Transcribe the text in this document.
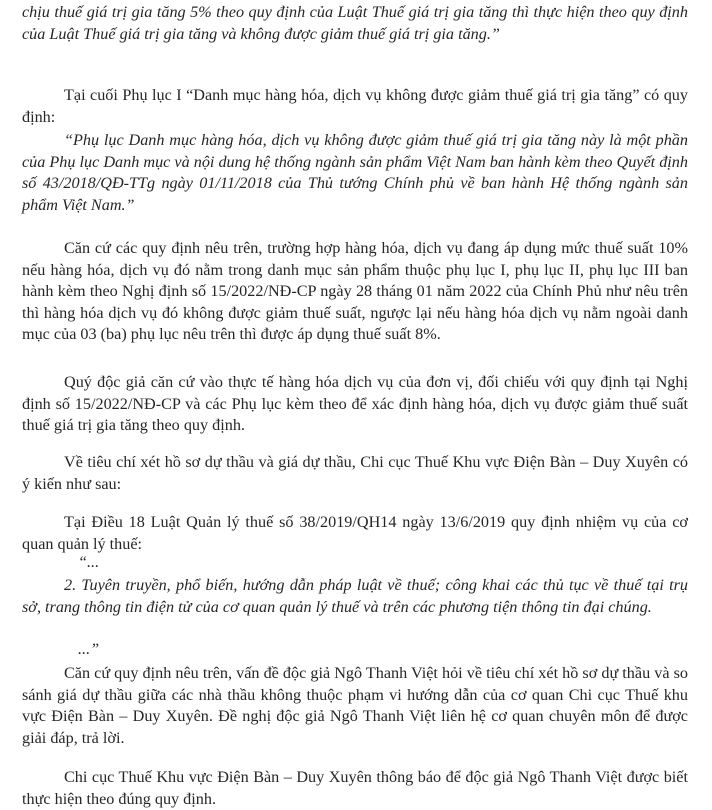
chịu thuế giá trị gia tăng 5% theo quy định của Luật Thuế giá trị gia tăng thì thực hiện theo quy định của Luật Thuế giá trị gia tăng và không được giảm thuế giá trị gia tăng.”

Tại cuối Phụ lục I “Danh mục hàng hóa, dịch vụ không được giảm thuế giá trị gia tăng” có quy định:

“Phụ lục Danh mục hàng hóa, dịch vụ không được giảm thuế giá trị gia tăng này là một phần của Phụ lục Danh mục và nội dung hệ thống ngành sản phẩm Việt Nam ban hành kèm theo Quyết định số 43/2018/QĐ-TTg ngày 01/11/2018 của Thủ tướng Chính phủ về ban hành Hệ thống ngành sản phẩm Việt Nam.”

Căn cứ các quy định nêu trên, trường hợp hàng hóa, dịch vụ đang áp dụng mức thuế suất 10% nếu hàng hóa, dịch vụ đó nằm trong danh mục sản phẩm thuộc phụ lục I, phụ lục II, phụ lục III ban hành kèm theo Nghị định số 15/2022/NĐ-CP ngày 28 tháng 01 năm 2022 của Chính Phủ như nêu trên thì hàng hóa dịch vụ đó không được giảm thuế suất, ngược lại nếu hàng hóa dịch vụ nằm ngoài danh mục của 03 (ba) phụ lục nêu trên thì được áp dụng thuế suất 8%.

Quý độc giả căn cứ vào thực tế hàng hóa dịch vụ của đơn vị, đối chiếu với quy định tại Nghị định số 15/2022/NĐ-CP và các Phụ lục kèm theo để xác định hàng hóa, dịch vụ được giảm thuế suất thuế giá trị gia tăng theo quy định.

Về tiêu chí xét hồ sơ dự thầu và giá dự thầu, Chi cục Thuế Khu vực Điện Bàn – Duy Xuyên có ý kiến như sau:

Tại Điều 18 Luật Quản lý thuế số 38/2019/QH14 ngày 13/6/2019 quy định nhiệm vụ của cơ quan quản lý thuế:

“...

2. Tuyên truyền, phổ biến, hướng dẫn pháp luật về thuế; công khai các thủ tục về thuế tại trụ sở, trang thông tin điện tử của cơ quan quản lý thuế và trên các phương tiện thông tin đại chúng.

...”

Căn cứ quy định nêu trên, vấn đề độc giả Ngô Thanh Việt hỏi về tiêu chí xét hồ sơ dự thầu và so sánh giá dự thầu giữa các nhà thầu không thuộc phạm vi hướng dẫn của cơ quan Chi cục Thuế khu vực Điện Bàn – Duy Xuyên. Đề nghị độc giả Ngô Thanh Việt liên hệ cơ quan chuyên môn để được giải đáp, trả lời.

Chi cục Thuế Khu vực Điện Bàn – Duy Xuyên thông báo để độc giả Ngô Thanh Việt được biết thực hiện theo đúng quy định.
